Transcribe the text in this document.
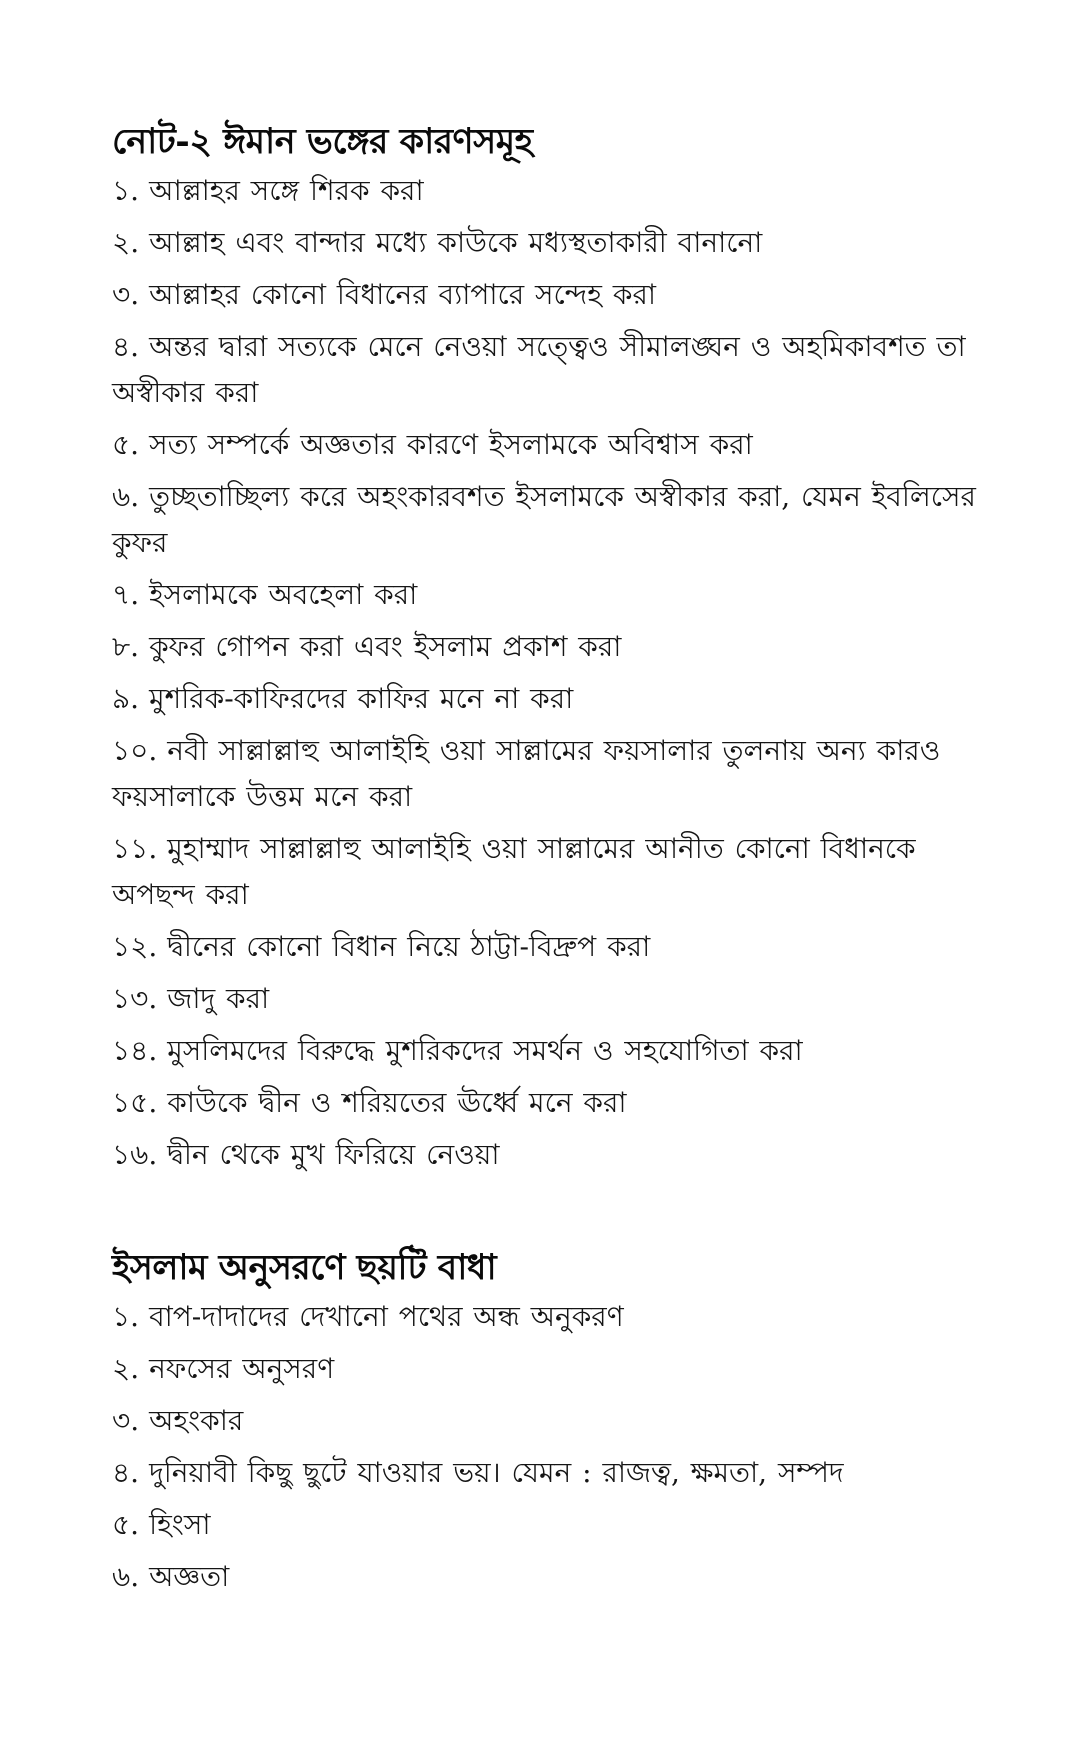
নোট-২ ঈমান ভঙ্গের কারণসমূহ
১. আল্লাহর সঙ্গে শিরক করা
২. আল্লাহ এবং বান্দার মধ্যে কাউকে মধ্যস্থতাকারী বানানো
৩. আল্লাহর কোনো বিধানের ব্যাপারে সন্দেহ করা
৪. অন্তর দ্বারা সত্যকে মেনে নেওয়া সত্ত্বেও সীমালঙ্ঘন ও অহমিকাবশত তা অস্বীকার করা
৫. সত্য সম্পর্কে অজ্ঞতার কারণে ইসলামকে অবিশ্বাস করা
৬. তুচ্ছতাচ্ছিল্য করে অহংকারবশত ইসলামকে অস্বীকার করা, যেমন ইবলিসের কুফর
৭. ইসলামকে অবহেলা করা
৮. কুফর গোপন করা এবং ইসলাম প্রকাশ করা
৯. মুশরিক-কাফিরদের কাফির মনে না করা
১০. নবী সাল্লাল্লাহু আলাইহি ওয়া সাল্লামের ফয়সালার তুলনায় অন্য কারও ফয়সালাকে উত্তম মনে করা
১১. মুহাম্মাদ সাল্লাল্লাহু আলাইহি ওয়া সাল্লামের আনীত কোনো বিধানকে অপছন্দ করা
১২. দ্বীনের কোনো বিধান নিয়ে ঠাট্টা-বিদ্রুপ করা
১৩. জাদু করা
১৪. মুসলিমদের বিরুদ্ধে মুশরিকদের সমর্থন ও সহযোগিতা করা
১৫. কাউকে দ্বীন ও শরিয়তের ঊর্ধ্বে মনে করা
১৬. দ্বীন থেকে মুখ ফিরিয়ে নেওয়া
ইসলাম অনুসরণে ছয়টি বাধা
১. বাপ-দাদাদের দেখানো পথের অন্ধ অনুকরণ
২. নফসের অনুসরণ
৩. অহংকার
৪. দুনিয়াবী কিছু ছুটে যাওয়ার ভয়। যেমন : রাজত্ব, ক্ষমতা, সম্পদ
৫. হিংসা
৬. অজ্ঞতা
